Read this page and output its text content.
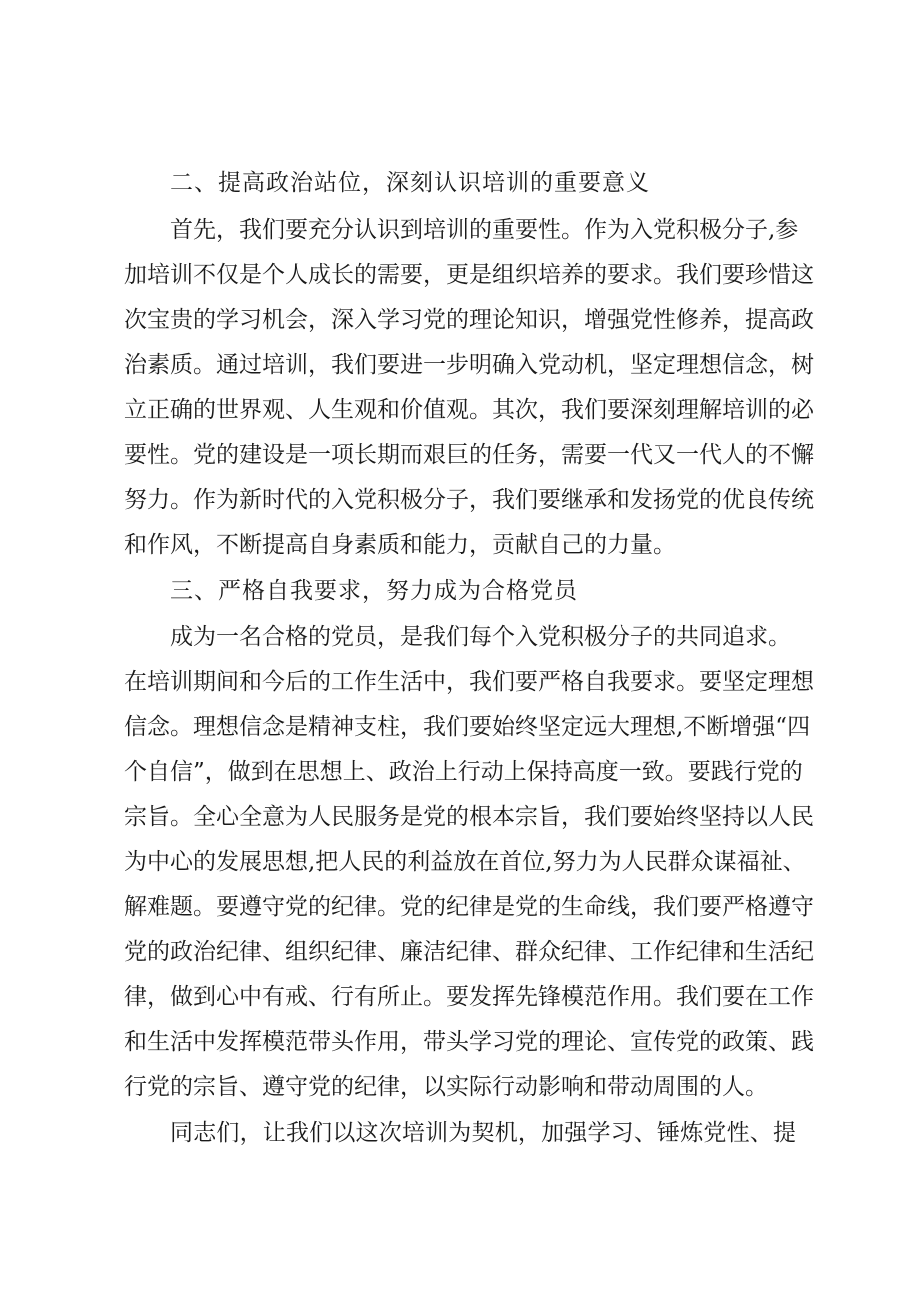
二、提高政治站位，深刻认识培训的重要意义
首先，我们要充分认识到培训的重要性。作为入党积极分子,参
加培训不仅是个人成长的需要，更是组织培养的要求。我们要珍惜这
次宝贵的学习机会，深入学习党的理论知识，增强党性修养，提高政
治素质。通过培训，我们要进一步明确入党动机，坚定理想信念，树
立正确的世界观、人生观和价值观。其次，我们要深刻理解培训的必
要性。党的建设是一项长期而艰巨的任务，需要一代又一代人的不懈
努力。作为新时代的入党积极分子，我们要继承和发扬党的优良传统
和作风，不断提高自身素质和能力，贡献自己的力量。
三、严格自我要求，努力成为合格党员
成为一名合格的党员，是我们每个入党积极分子的共同追求。
在培训期间和今后的工作生活中，我们要严格自我要求。要坚定理想
信念。理想信念是精神支柱，我们要始终坚定远大理想,不断增强“四
个自信”，做到在思想上、政治上行动上保持高度一致。要践行党的
宗旨。全心全意为人民服务是党的根本宗旨，我们要始终坚持以人民
为中心的发展思想,把人民的利益放在首位,努力为人民群众谋福祉、
解难题。要遵守党的纪律。党的纪律是党的生命线，我们要严格遵守
党的政治纪律、组织纪律、廉洁纪律、群众纪律、工作纪律和生活纪
律，做到心中有戒、行有所止。要发挥先锋模范作用。我们要在工作
和生活中发挥模范带头作用，带头学习党的理论、宣传党的政策、践
行党的宗旨、遵守党的纪律，以实际行动影响和带动周围的人。
同志们，让我们以这次培训为契机，加强学习、锤炼党性、提
